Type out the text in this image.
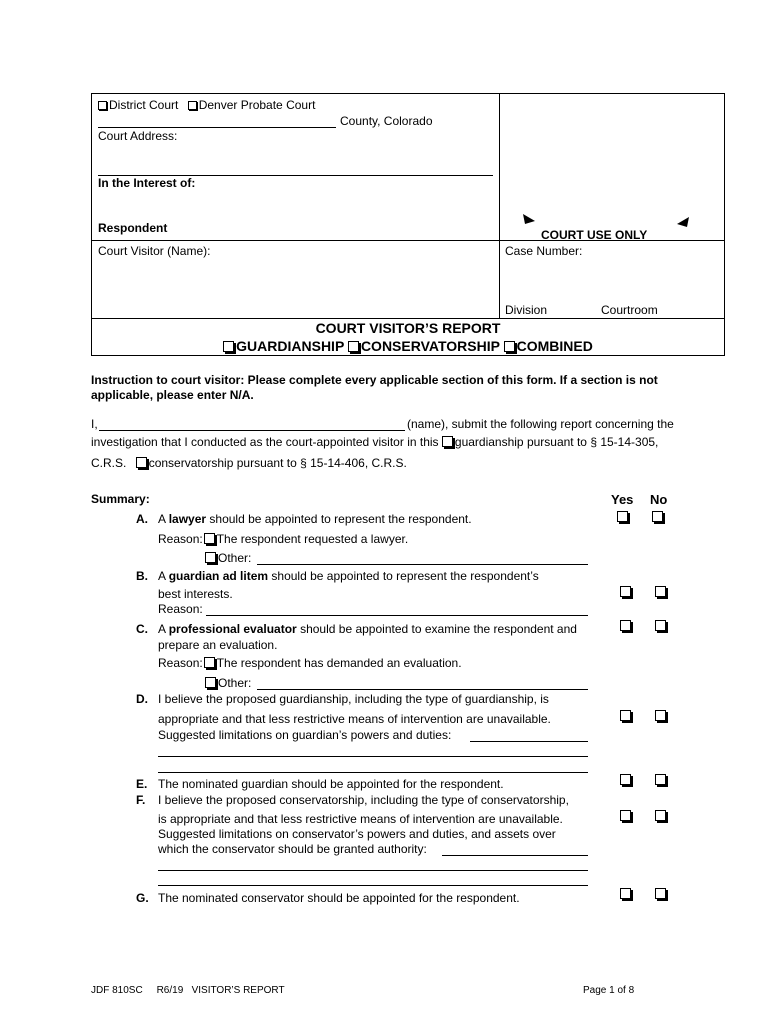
District Court Denver Probate Court
County, Colorado
Court Address:
In the Interest of:
Respondent
Court Visitor (Name):
COURT USE ONLY
Case Number:
Division	Courtroom
COURT VISITOR’S REPORT
GUARDIANSHIP CONSERVATORSHIP COMBINED
Instruction to court visitor: Please complete every applicable section of this form. If a section is not applicable, please enter N/A.
I,	(name), submit the following report concerning the
investigation that I conducted as the court-appointed visitor in this guardianship pursuant to § 15-14-305,
C.R.S. conservatorship pursuant to § 15-14-406, C.R.S.
Summary:	Yes No
A. A lawyer should be appointed to represent the respondent.
Reason: The respondent requested a lawyer.
Other:
B. A guardian ad litem should be appointed to represent the respondent’s
best interests.
Reason:
C. A professional evaluator should be appointed to examine the respondent and
prepare an evaluation.
Reason: The respondent has demanded an evaluation.
Other:
D. I believe the proposed guardianship, including the type of guardianship, is
appropriate and that less restrictive means of intervention are unavailable.
Suggested limitations on guardian’s powers and duties:
E. The nominated guardian should be appointed for the respondent.
F. I believe the proposed conservatorship, including the type of conservatorship,
is appropriate and that less restrictive means of intervention are unavailable.
Suggested limitations on conservator’s powers and duties, and assets over
which the conservator should be granted authority:
G. The nominated conservator should be appointed for the respondent.
JDF 810SC     R6/19   VISITOR’S REPORT	Page 1 of 8
